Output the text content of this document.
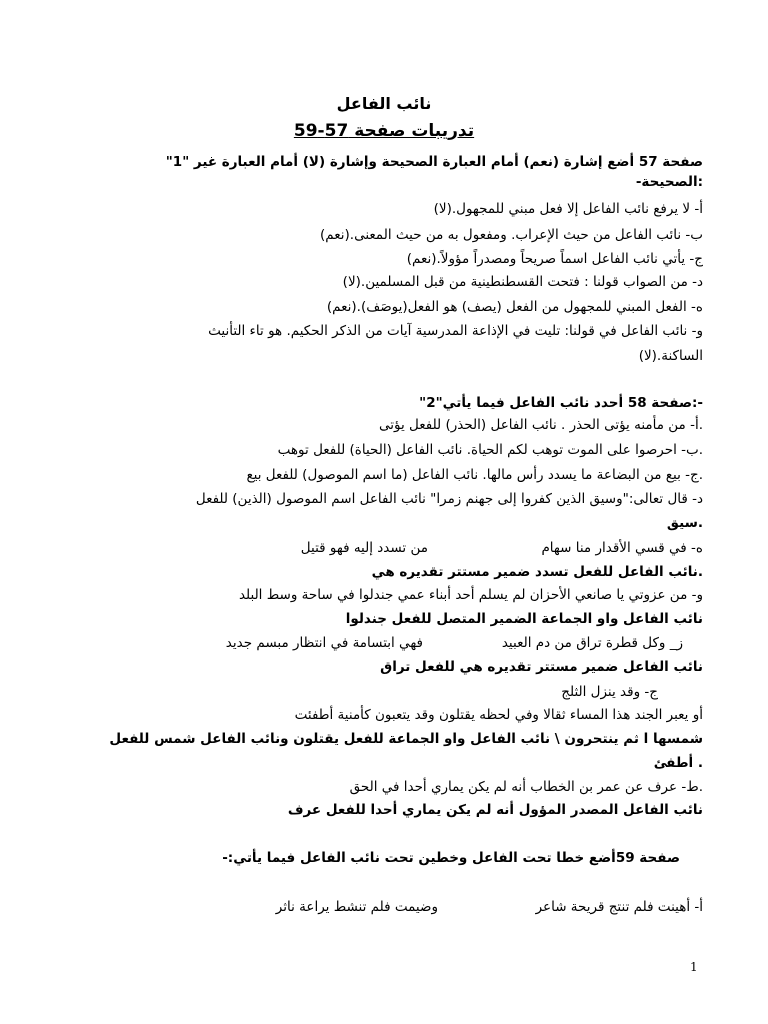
نائب الفاعل
تدريبات صفحة 57-59

صفحة 57 أضع إشارة (نعم) أمام العبارة الصحيحة وإشارة (لا) أمام العبارة غير "1"

:الصحيحة-

أ- لا يرفع نائب الفاعل إلا فعل مبني للمجهول.(لا)

ب- نائب الفاعل من حيث الإعراب. ومفعول به من حيث المعنى.(نعم)

ج- يأتي نائب الفاعل اسماً صريحاً ومصدراً مؤولاً.(نعم)

د- من الصواب قولنا : فتحت القسطنطينية من قبل المسلمين.(لا)

ه- الفعل المبني للمجهول من الفعل (يصف) هو الفعل(يوصَف).(نعم)

و- نائب الفاعل في قولنا: تليت في الإذاعة المدرسية آيات من الذكر الحكيم. هو تاء التأنيث

الساكنة.(لا)

-:صفحة 58 أحدد نائب الفاعل فيما يأتي"2"

.أ- من مأمنه يؤتى الحذر . نائب الفاعل (الحذر) للفعل يؤتى

.ب- احرصوا على الموت توهب لكم الحياة. نائب الفاعل (الحياة) للفعل توهب

.ج- بيع من البضاعة ما يسدد رأس مالها. نائب الفاعل (ما اسم الموصول) للفعل بيع

د- قال تعالى:"وسيق الذين كفروا إلى جهنم زمرا" نائب الفاعل اسم الموصول (الذين) للفعل

.سيق

ه- في قسي الأقدار منا سهام

من تسدد إليه فهو قتيل

.نائب الفاعل للفعل تسدد ضمير مستتر تقديره هي

و- من عزوتي يا صانعي الأحزان لم يسلم أحد أبناء عمي جندلوا في ساحة وسط البلد

نائب الفاعل واو الجماعة الضمير المتصل للفعل جندلوا

ز_ وكل قطرة تراق من دم العبيد

فهي ابتسامة في انتظار مبسم جديد

نائب الفاعل ضمير مستتر تقديره هي للفعل تراق

ج- وقد ينزل الثلج

أو يعبر الجند هذا المساء ثقالا وفي لحظه يقتلون وقد يتعبون كأمنية أطفئت

شمسها ا ثم ينتحرون \ نائب الفاعل واو الجماعة للفعل يقتلون ونائب الفاعل شمس للفعل

. أطفئ

.ط- عرف عن عمر بن الخطاب أنه لم يكن يماري أحدا في الحق

نائب الفاعل المصدر المؤول أنه لم يكن يماري أحدا للفعل عرف

صفحة 59أضع خطا تحت الفاعل وخطين تحت نائب الفاعل فيما يأتي:-

أ- أهينت فلم تنتج قريحة شاعر

وضيمت فلم تنشط يراعة ناثر
1
